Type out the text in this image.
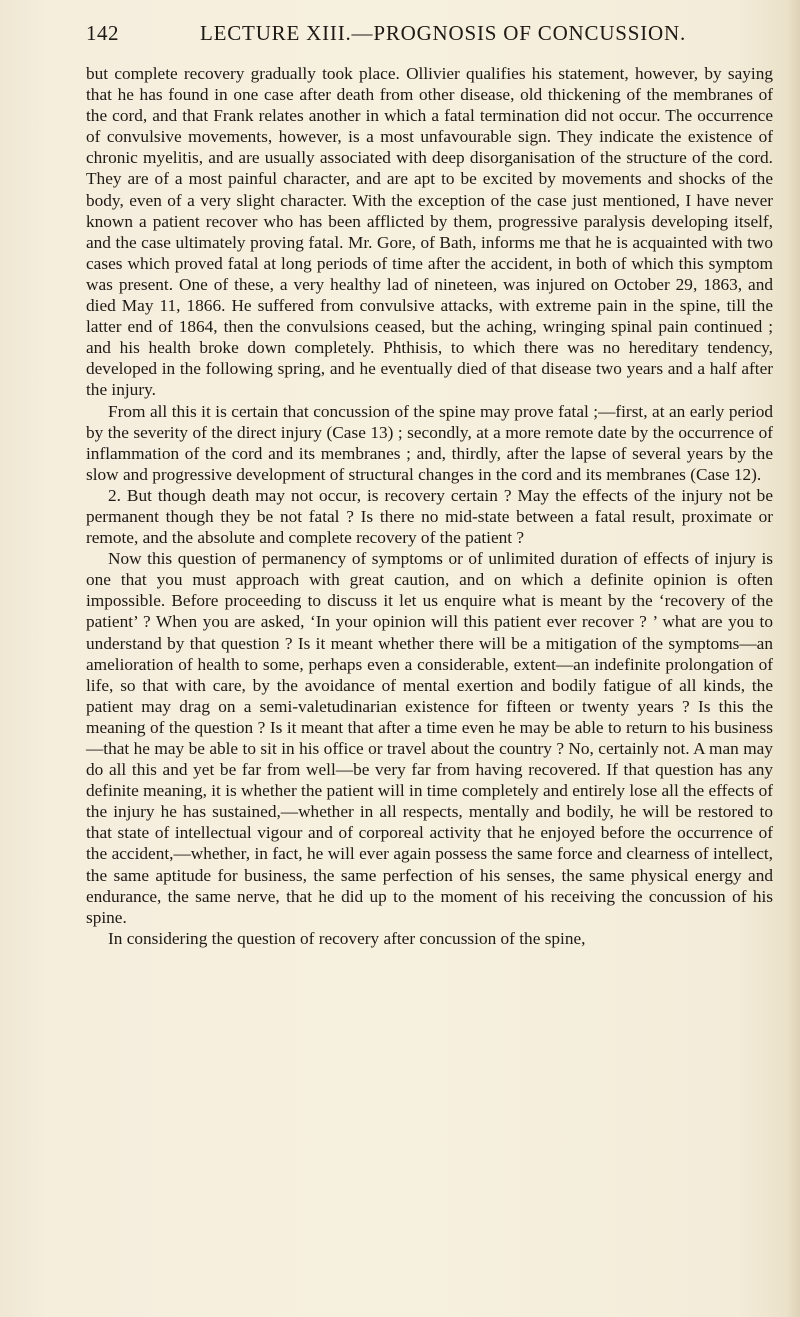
142	LECTURE XIII.—PROGNOSIS OF CONCUSSION.

but complete recovery gradually took place. Ollivier qualifies his statement, however, by saying that he has found in one case after death from other disease, old thickening of the membranes of the cord, and that Frank relates another in which a fatal termination did not occur. The occurrence of convulsive movements, however, is a most unfavourable sign. They indicate the existence of chronic myelitis, and are usually associated with deep disorganisation of the structure of the cord. They are of a most painful character, and are apt to be excited by movements and shocks of the body, even of a very slight character. With the exception of the case just mentioned, I have never known a patient recover who has been afflicted by them, progressive paralysis developing itself, and the case ultimately proving fatal. Mr. Gore, of Bath, informs me that he is acquainted with two cases which proved fatal at long periods of time after the accident, in both of which this symptom was present. One of these, a very healthy lad of nineteen, was injured on October 29, 1863, and died May 11, 1866. He suffered from convulsive attacks, with extreme pain in the spine, till the latter end of 1864, then the convulsions ceased, but the aching, wringing spinal pain continued ; and his health broke down completely. Phthisis, to which there was no hereditary tendency, developed in the following spring, and he eventually died of that disease two years and a half after the injury.

From all this it is certain that concussion of the spine may prove fatal ;—first, at an early period by the severity of the direct injury (Case 13) ; secondly, at a more remote date by the occurrence of inflammation of the cord and its membranes ; and, thirdly, after the lapse of several years by the slow and progressive development of structural changes in the cord and its membranes (Case 12).

2. But though death may not occur, is recovery certain ? May the effects of the injury not be permanent though they be not fatal ? Is there no mid-state between a fatal result, proximate or remote, and the absolute and complete recovery of the patient ?

Now this question of permanency of symptoms or of unlimited duration of effects of injury is one that you must approach with great caution, and on which a definite opinion is often impossible. Before proceeding to discuss it let us enquire what is meant by the ‘recovery of the patient’ ? When you are asked, ‘In your opinion will this patient ever recover ? ’ what are you to understand by that question ? Is it meant whether there will be a mitigation of the symptoms—an amelioration of health to some, perhaps even a considerable, extent—an indefinite prolongation of life, so that with care, by the avoidance of mental exertion and bodily fatigue of all kinds, the patient may drag on a semi-valetudinarian existence for fifteen or twenty years ? Is this the meaning of the question ? Is it meant that after a time even he may be able to return to his business—that he may be able to sit in his office or travel about the country ? No, certainly not. A man may do all this and yet be far from well—be very far from having recovered. If that question has any definite meaning, it is whether the patient will in time completely and entirely lose all the effects of the injury he has sustained,—whether in all respects, mentally and bodily, he will be restored to that state of intellectual vigour and of corporeal activity that he enjoyed before the occurrence of the accident,—whether, in fact, he will ever again possess the same force and clearness of intellect, the same aptitude for business, the same perfection of his senses, the same physical energy and endurance, the same nerve, that he did up to the moment of his receiving the concussion of his spine.

In considering the question of recovery after concussion of the spine,
